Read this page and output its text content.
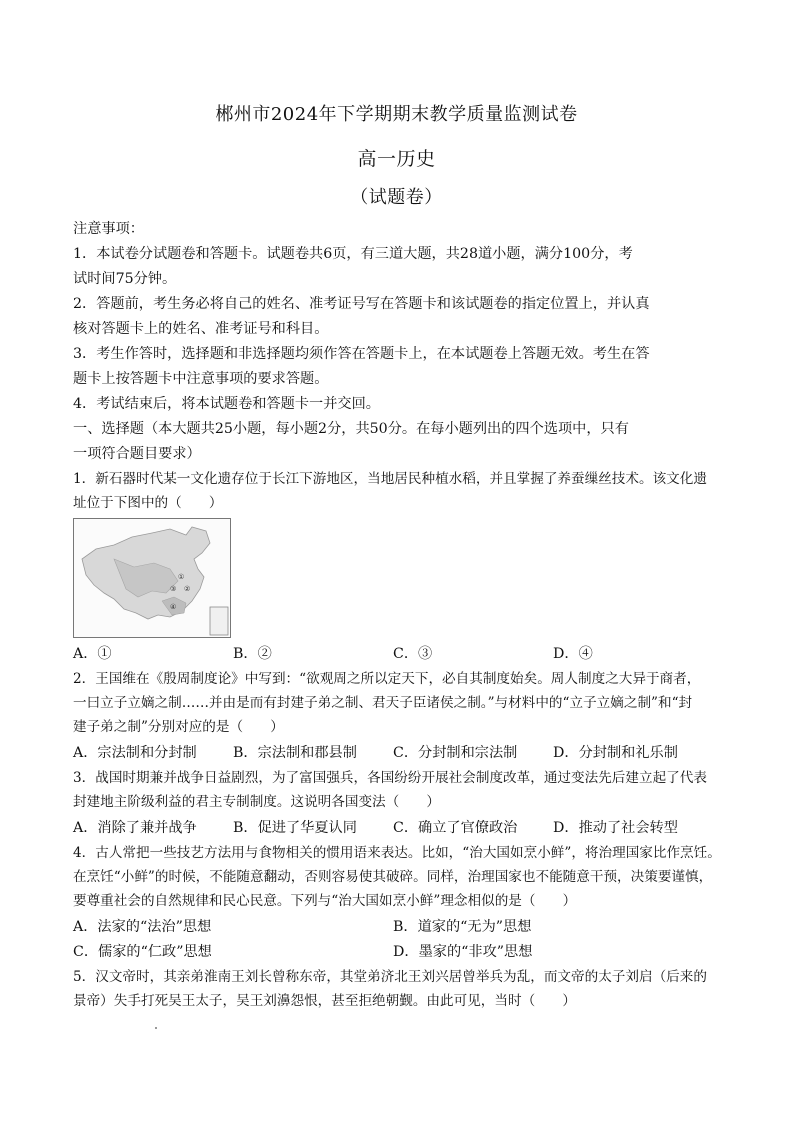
郴州市2024年下学期期末教学质量监测试卷
高一历史
（试题卷）
注意事项：
1．本试卷分试题卷和答题卡。试题卷共6页，有三道大题，共28道小题，满分100分，考
试时间75分钟。
2．答题前，考生务必将自己的姓名、准考证号写在答题卡和该试题卷的指定位置上，并认真
核对答题卡上的姓名、准考证号和科目。
3．考生作答时，选择题和非选择题均须作答在答题卡上，在本试题卷上答题无效。考生在答
题卡上按答题卡中注意事项的要求答题。
4．考试结束后，将本试题卷和答题卡一并交回。
一、选择题（本大题共25小题，每小题2分，共50分。在每小题列出的四个选项中，只有
一项符合题目要求）
1．新石器时代某一文化遗存位于长江下游地区，当地居民种植水稻，并且掌握了养蚕缫丝技术。该文化遗
址位于下图中的（　　）
①
②
③
④
A．①	B．②	C．③	D．④
2．王国维在《殷周制度论》中写到：“欲观周之所以定天下，必自其制度始矣。周人制度之大异于商者，
一曰立子立嫡之制……并由是而有封建子弟之制、君天子臣诸侯之制。”与材料中的“立子立嫡之制”和“封
建子弟之制”分别对应的是（　　）
A．宗法制和分封制	B．宗法制和郡县制	C．分封制和宗法制	D．分封制和礼乐制
3．战国时期兼并战争日益剧烈，为了富国强兵，各国纷纷开展社会制度改革，通过变法先后建立起了代表
封建地主阶级利益的君主专制制度。这说明各国变法（　　）
A．消除了兼并战争	B．促进了华夏认同	C．确立了官僚政治	D．推动了社会转型
4．古人常把一些技艺方法用与食物相关的惯用语来表达。比如，“治大国如烹小鲜”，将治理国家比作烹饪。
在烹饪“小鲜”的时候，不能随意翻动，否则容易使其破碎。同样，治理国家也不能随意干预，决策要谨慎，
要尊重社会的自然规律和民心民意。下列与“治大国如烹小鲜”理念相似的是（　　）
A．法家的“法治”思想	B．道家的“无为”思想
C．儒家的“仁政”思想	D．墨家的“非攻”思想
5．汉文帝时，其亲弟淮南王刘长曾称东帝，其堂弟济北王刘兴居曾举兵为乱，而文帝的太子刘启（后来的
景帝）失手打死吴王太子，吴王刘濞怨恨，甚至拒绝朝觐。由此可见，当时（　　）
